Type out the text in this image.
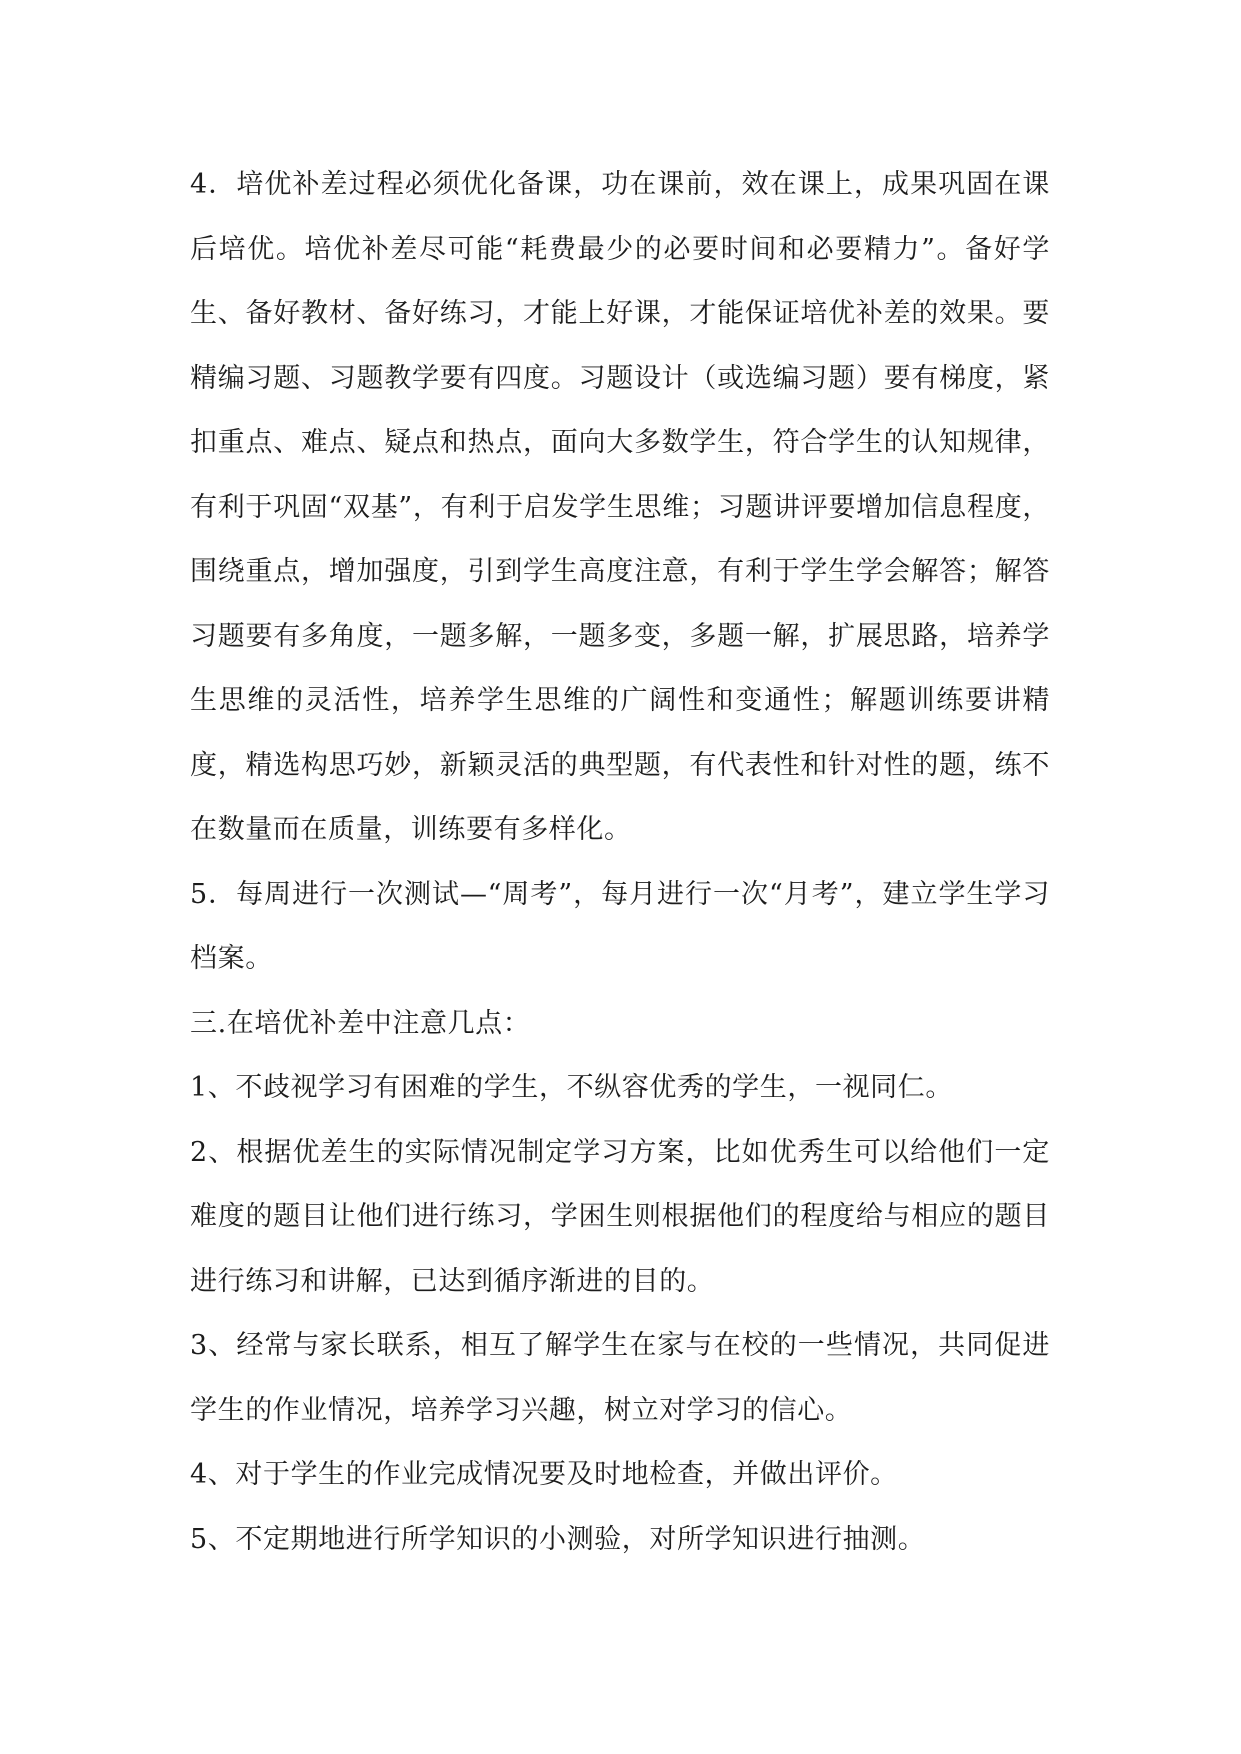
4．培优补差过程必须优化备课，功在课前，效在课上，成果巩固在课后培优。培优补差尽可能“耗费最少的必要时间和必要精力”。备好学生、备好教材、备好练习，才能上好课，才能保证培优补差的效果。要精编习题、习题教学要有四度。习题设计（或选编习题）要有梯度，紧扣重点、难点、疑点和热点，面向大多数学生，符合学生的认知规律，有利于巩固“双基”，有利于启发学生思维；习题讲评要增加信息程度，围绕重点，增加强度，引到学生高度注意，有利于学生学会解答；解答习题要有多角度，一题多解，一题多变，多题一解，扩展思路，培养学生思维的灵活性，培养学生思维的广阔性和变通性；解题训练要讲精度，精选构思巧妙，新颖灵活的典型题，有代表性和针对性的题，练不在数量而在质量，训练要有多样化。

5．每周进行一次测试—“周考”，每月进行一次“月考”，建立学生学习档案。

三.在培优补差中注意几点：

1、不歧视学习有困难的学生，不纵容优秀的学生，一视同仁。

2、根据优差生的实际情况制定学习方案，比如优秀生可以给他们一定难度的题目让他们进行练习，学困生则根据他们的程度给与相应的题目进行练习和讲解，已达到循序渐进的目的。

3、经常与家长联系，相互了解学生在家与在校的一些情况，共同促进学生的作业情况，培养学习兴趣，树立对学习的信心。

4、对于学生的作业完成情况要及时地检查，并做出评价。

5、不定期地进行所学知识的小测验，对所学知识进行抽测。
